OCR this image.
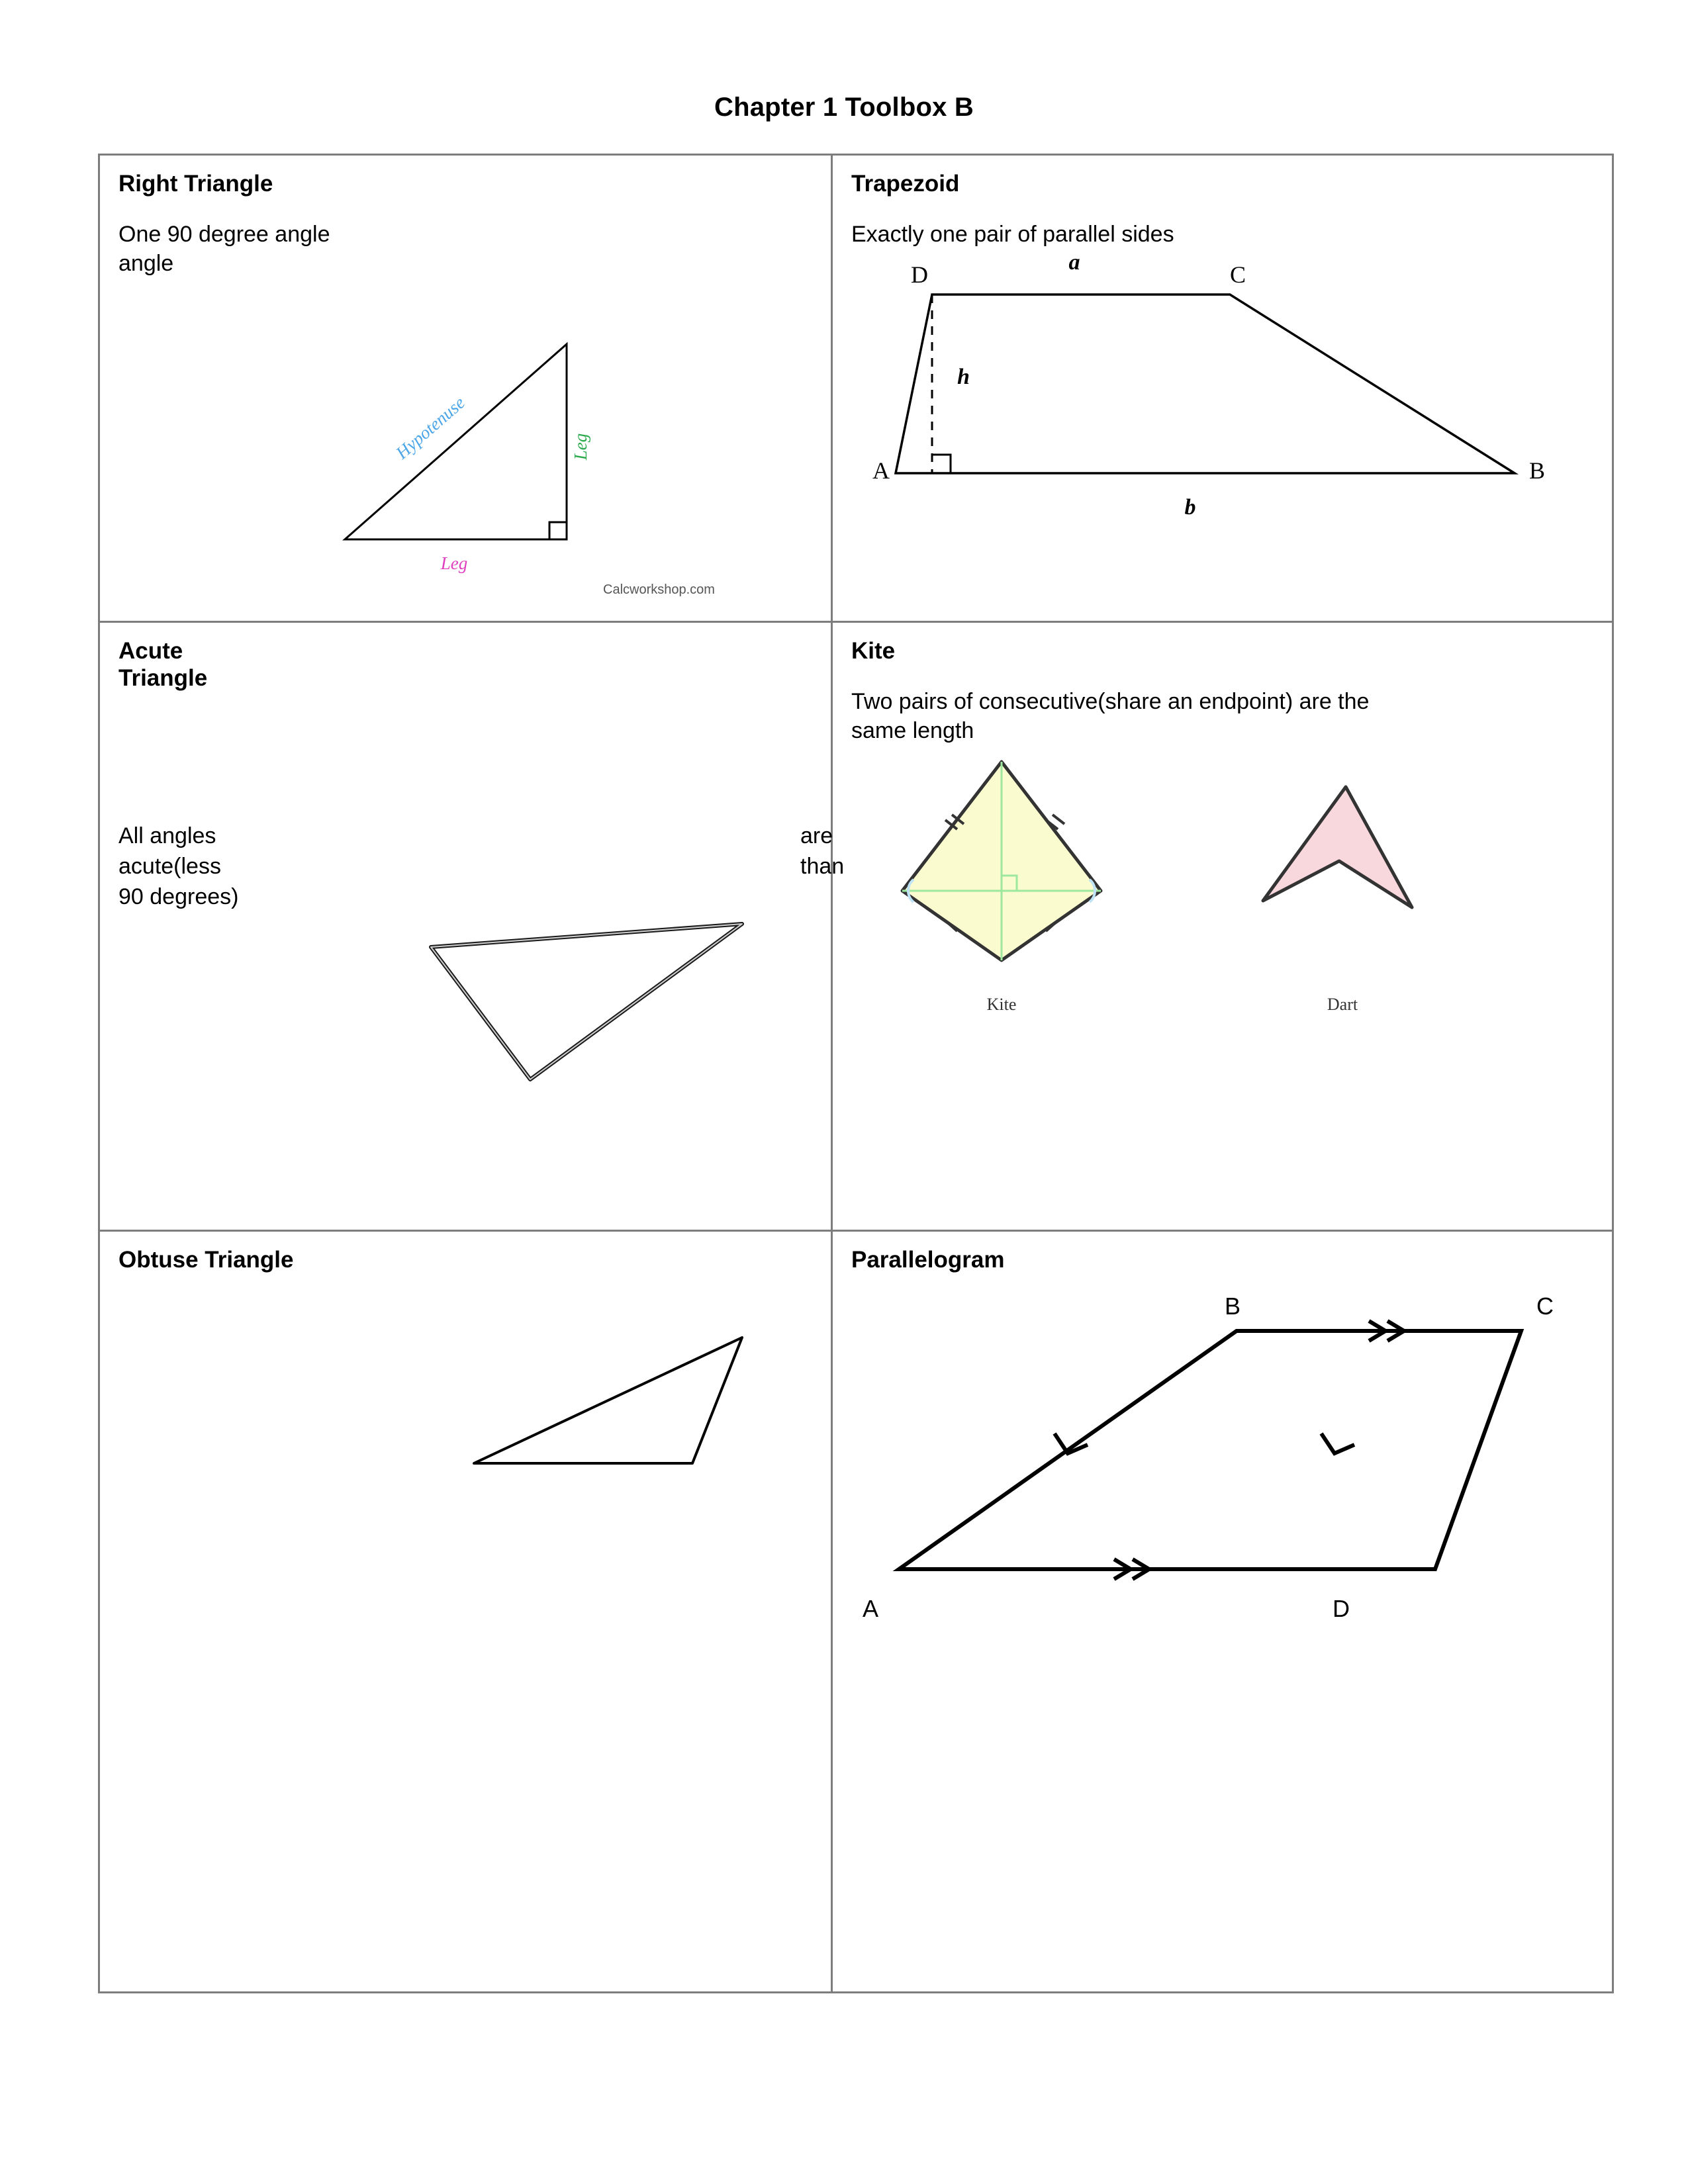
Chapter 1 Toolbox B
Right Triangle
One 90 degree angle
angle
Hypotenuse	Leg
Leg
Calcworkshop.com
Trapezoid
Exactly one pair of parallel sides
A	B
C
D	a
b
h
Acute
Triangle
All angles
acute(less
90 degrees)
are
than
Kite
Two pairs of consecutive(share an endpoint) are the
same length
Kite	Dart
Obtuse Triangle	Parallelogram
A
B	C
D
